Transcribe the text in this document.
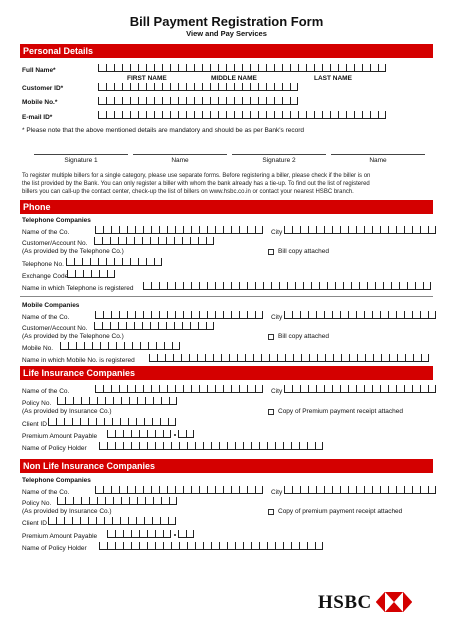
Bill Payment Registration Form
View and Pay Services
Personal Details
Full Name*
FIRST NAME	MIDDLE NAME	LAST NAME
Customer ID*
Mobile No.*
E-mail ID*
* Please note that the above mentioned details are mandatory and should be as per Bank's record
Signature 1	Name	Signature 2	Name
To register multiple billers for a single category, please use separate forms. Before registering a biller, please check if the biller is on
the list provided by the Bank. You can only register a biller with whom the bank already has a tie-up. To find out the list of registered
billers you can call-up the contact center, check-up the list of billers on www.hsbc.co.in or contact your nearest HSBC branch.
Phone
Telephone Companies
Name of the Co.	City
Customer/Account No.
(As provided by the Telephone Co.)	Bill copy attached
Telephone No.
Exchange Code
Name in which Telephone is registered
Mobile Companies
Name of the Co.	City
Customer/Account No.
(As provided by the Telephone Co.)	Bill copy attached
Mobile No.
Name in which Mobile No. is registered
Life Insurance Companies
Name of the Co.	City
Policy No.
(As provided by Insurance Co.)	Copy of Premium payment receipt attached
Client ID
Premium Amount Payable
Name of Policy Holder
Non Life Insurance Companies
Telephone Companies
Name of the Co.	City
Policy No.
(As provided by Insurance Co.)	Copy of premium payment receipt attached
Client ID
Premium Amount Payable
Name of Policy Holder
HSBC
